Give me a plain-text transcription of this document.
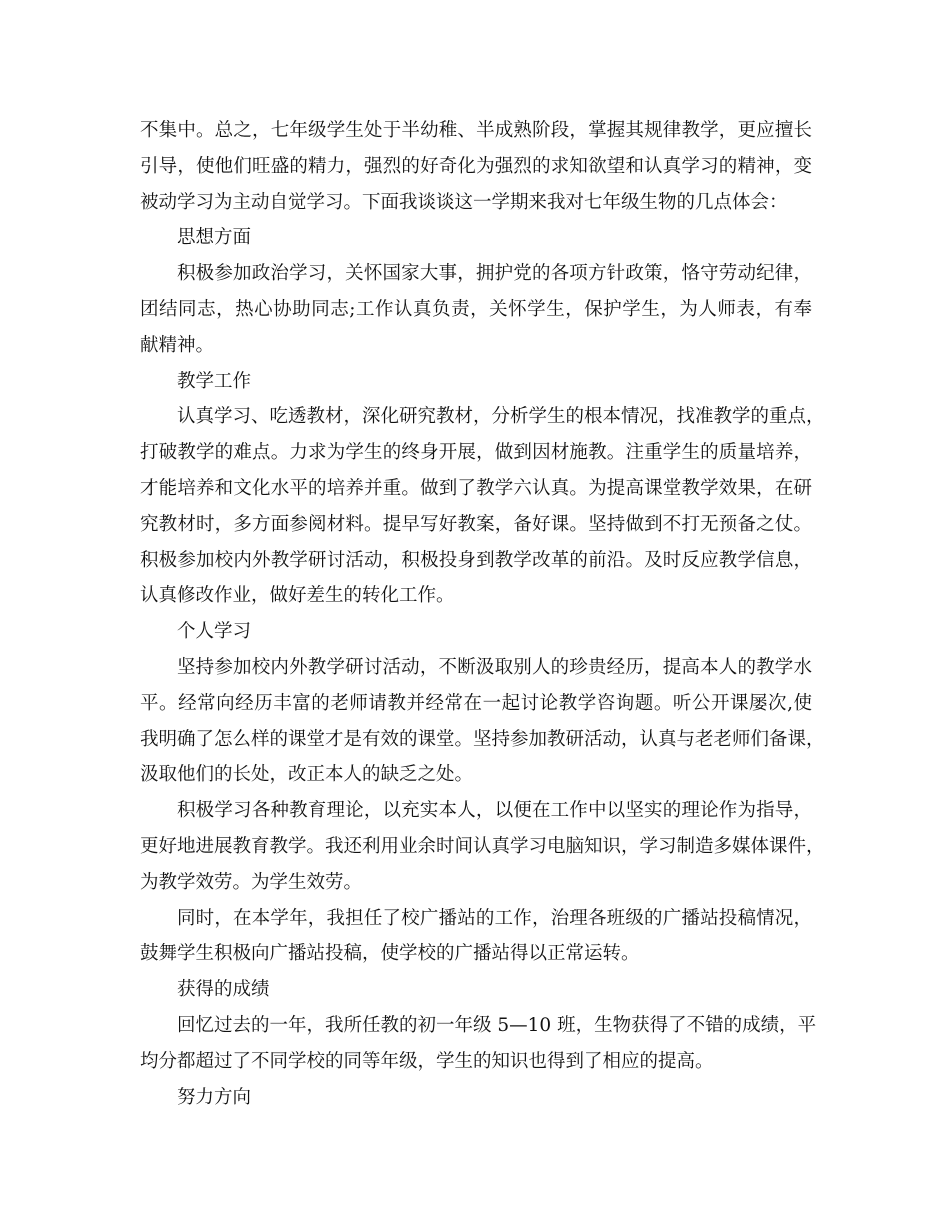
不集中。总之，七年级学生处于半幼稚、半成熟阶段，掌握其规律教学，更应擅长
引导，使他们旺盛的精力，强烈的好奇化为强烈的求知欲望和认真学习的精神，变
被动学习为主动自觉学习。下面我谈谈这一学期来我对七年级生物的几点体会：
思想方面
积极参加政治学习，关怀国家大事，拥护党的各项方针政策，恪守劳动纪律，
团结同志，热心协助同志;工作认真负责，关怀学生，保护学生，为人师表，有奉
献精神。
教学工作
认真学习、吃透教材，深化研究教材，分析学生的根本情况，找准教学的重点，
打破教学的难点。力求为学生的终身开展，做到因材施教。注重学生的质量培养，
才能培养和文化水平的培养并重。做到了教学六认真。为提高课堂教学效果，在研
究教材时，多方面参阅材料。提早写好教案，备好课。坚持做到不打无预备之仗。
积极参加校内外教学研讨活动，积极投身到教学改革的前沿。及时反应教学信息，
认真修改作业，做好差生的转化工作。
个人学习
坚持参加校内外教学研讨活动，不断汲取别人的珍贵经历，提高本人的教学水
平。经常向经历丰富的老师请教并经常在一起讨论教学咨询题。听公开课屡次,使
我明确了怎么样的课堂才是有效的课堂。坚持参加教研活动，认真与老老师们备课，
汲取他们的长处，改正本人的缺乏之处。
积极学习各种教育理论，以充实本人，以便在工作中以坚实的理论作为指导，
更好地进展教育教学。我还利用业余时间认真学习电脑知识，学习制造多媒体课件，
为教学效劳。为学生效劳。
同时，在本学年，我担任了校广播站的工作，治理各班级的广播站投稿情况，
鼓舞学生积极向广播站投稿，使学校的广播站得以正常运转。
获得的成绩
回忆过去的一年，我所任教的初一年级 5—10 班，生物获得了不错的成绩，平
均分都超过了不同学校的同等年级，学生的知识也得到了相应的提高。
努力方向
